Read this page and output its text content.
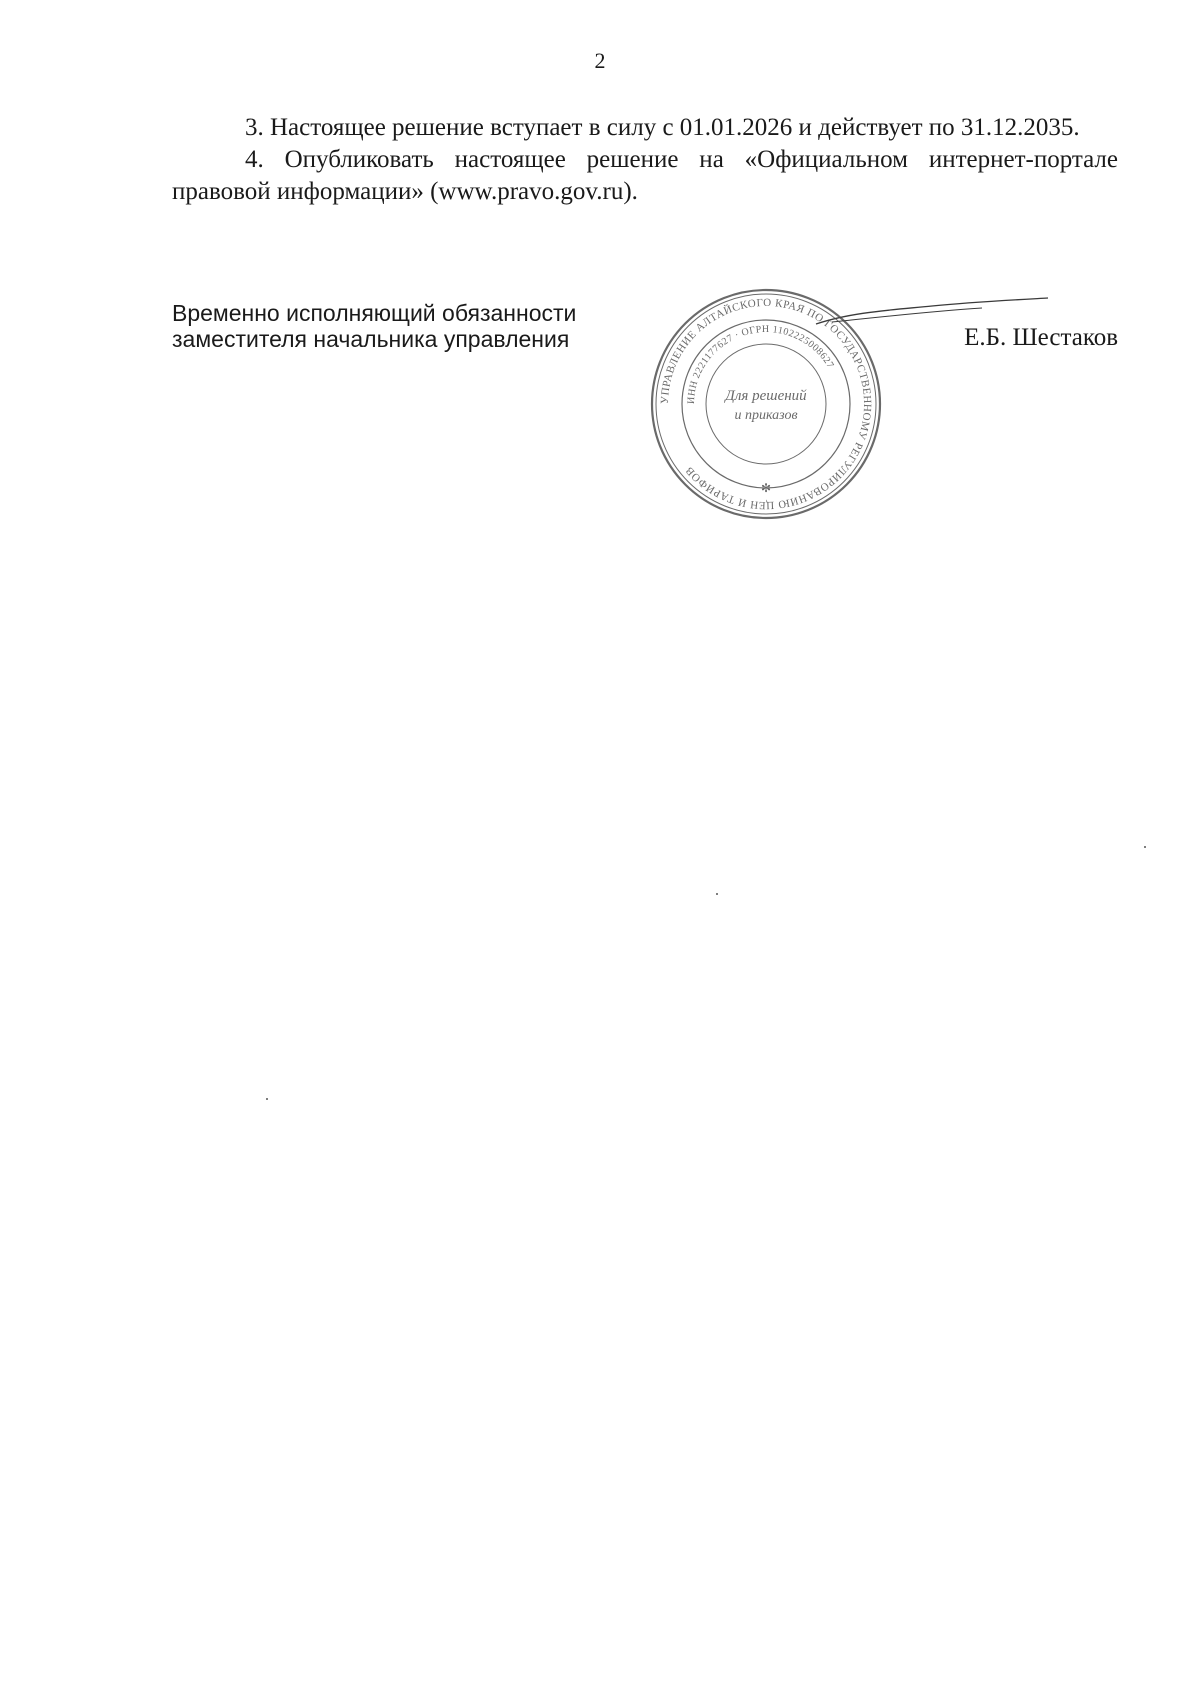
2

3. Настоящее решение вступает в силу с 01.01.2026 и действует по 31.12.2035.

4. Опубликовать настоящее решение на «Официальном интернет-портале правовой информации» (www.pravo.gov.ru).

Временно исполняющий обязанности
заместителя начальника управления
УПРАВЛЕНИЕ АЛТАЙСКОГО КРАЯ ПО ГОСУДАРСТВЕННОМУ РЕГУЛИРОВАНИЮ ЦЕН И ТАРИФОВ
ИНН 2221177627 · ОГРН 1102225008627
Для решений
и приказов
✻
Е.Б. Шестаков
